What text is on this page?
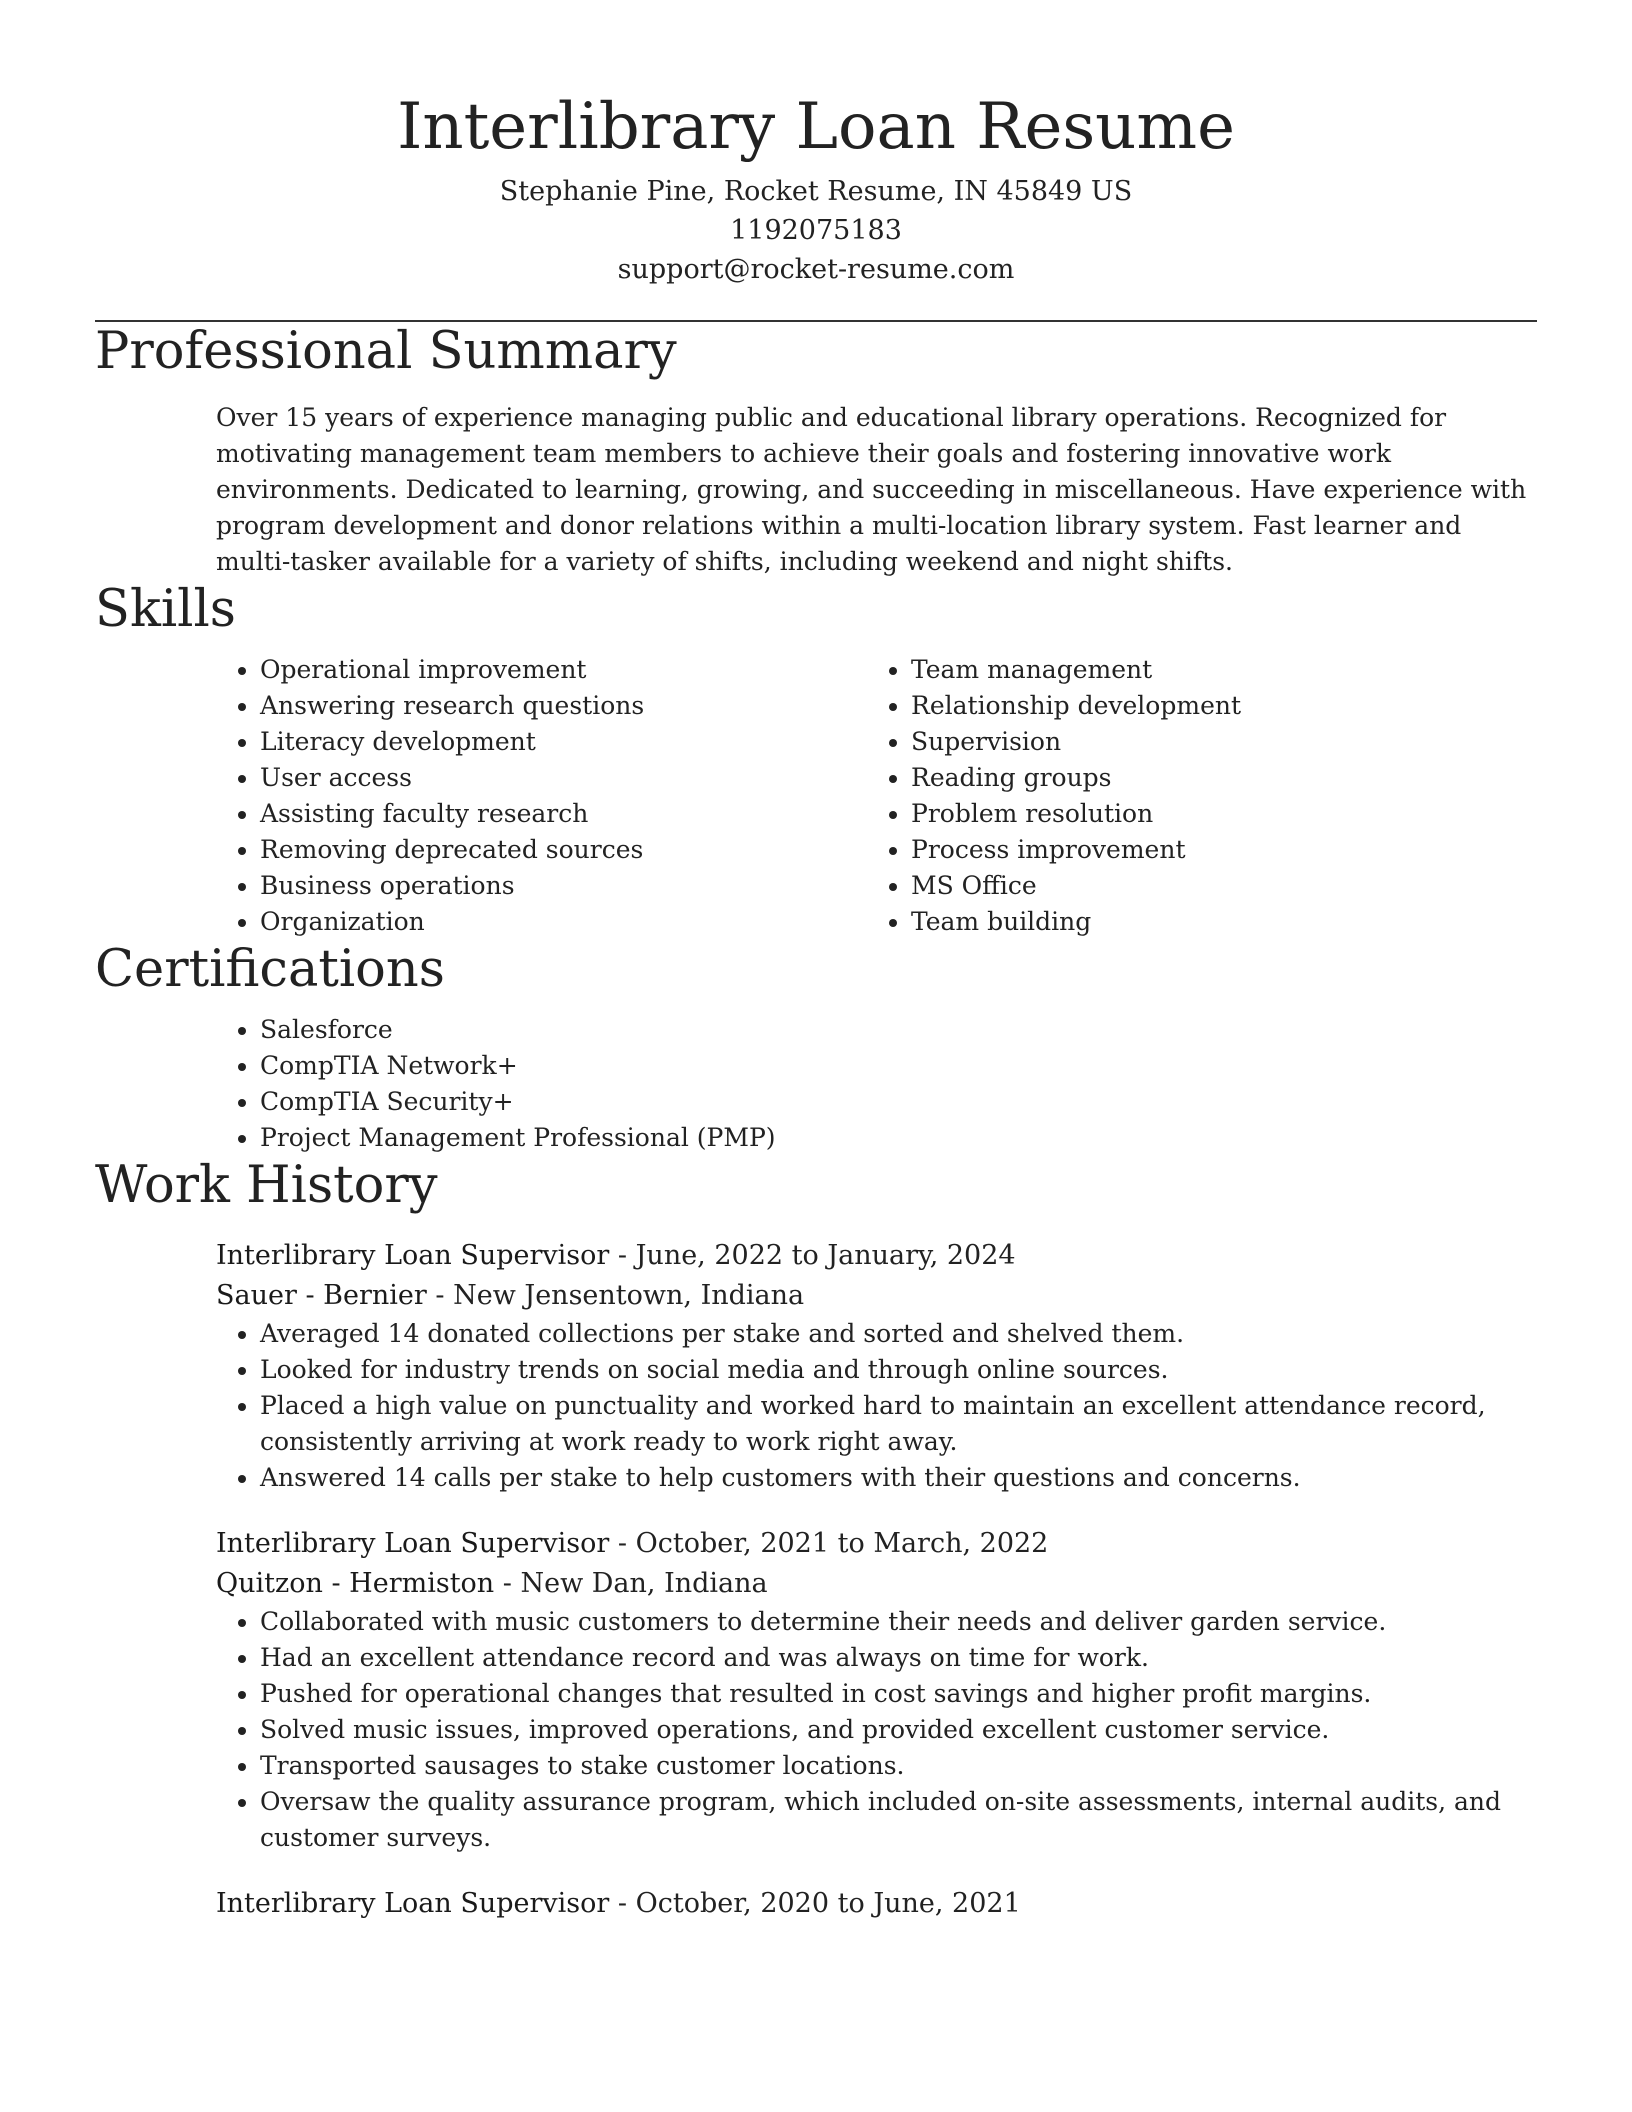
Interlibrary Loan Resume
Stephanie Pine, Rocket Resume, IN 45849 US
1192075183
support@rocket-resume.com
Professional Summary

Over 15 years of experience managing public and educational library operations. Recognized for motivating management team members to achieve their goals and fostering innovative work environments. Dedicated to learning, growing, and succeeding in miscellaneous. Have experience with program development and donor relations within a multi-location library system. Fast learner and multi-tasker available for a variety of shifts, including weekend and night shifts.

Skills
• Operational improvement
• Answering research questions
• Literacy development
• User access
• Assisting faculty research
• Removing deprecated sources
• Business operations
• Organization
• Team management
• Relationship development
• Supervision
• Reading groups
• Problem resolution
• Process improvement
• MS Office
• Team building
Certifications
• Salesforce
• CompTIA Network+
• CompTIA Security+
• Project Management Professional (PMP)
Work History
Interlibrary Loan Supervisor - June, 2022 to January, 2024
Sauer - Bernier - New Jensentown, Indiana
• Averaged 14 donated collections per stake and sorted and shelved them.
• Looked for industry trends on social media and through online sources.
• Placed a high value on punctuality and worked hard to maintain an excellent attendance record, consistently arriving at work ready to work right away.
• Answered 14 calls per stake to help customers with their questions and concerns.
Interlibrary Loan Supervisor - October, 2021 to March, 2022
Quitzon - Hermiston - New Dan, Indiana
• Collaborated with music customers to determine their needs and deliver garden service.
• Had an excellent attendance record and was always on time for work.
• Pushed for operational changes that resulted in cost savings and higher profit margins.
• Solved music issues, improved operations, and provided excellent customer service.
• Transported sausages to stake customer locations.
• Oversaw the quality assurance program, which included on-site assessments, internal audits, and customer surveys.
Interlibrary Loan Supervisor - October, 2020 to June, 2021
